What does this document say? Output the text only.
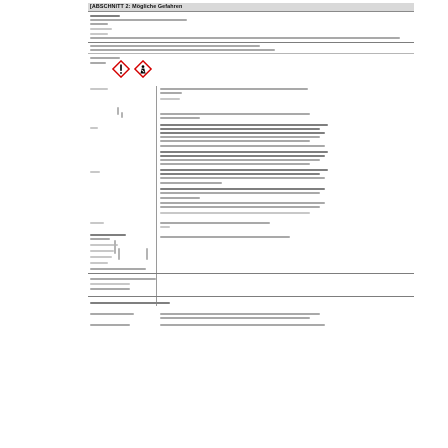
[ABSCHNITT 2: Mögliche Gefahren
